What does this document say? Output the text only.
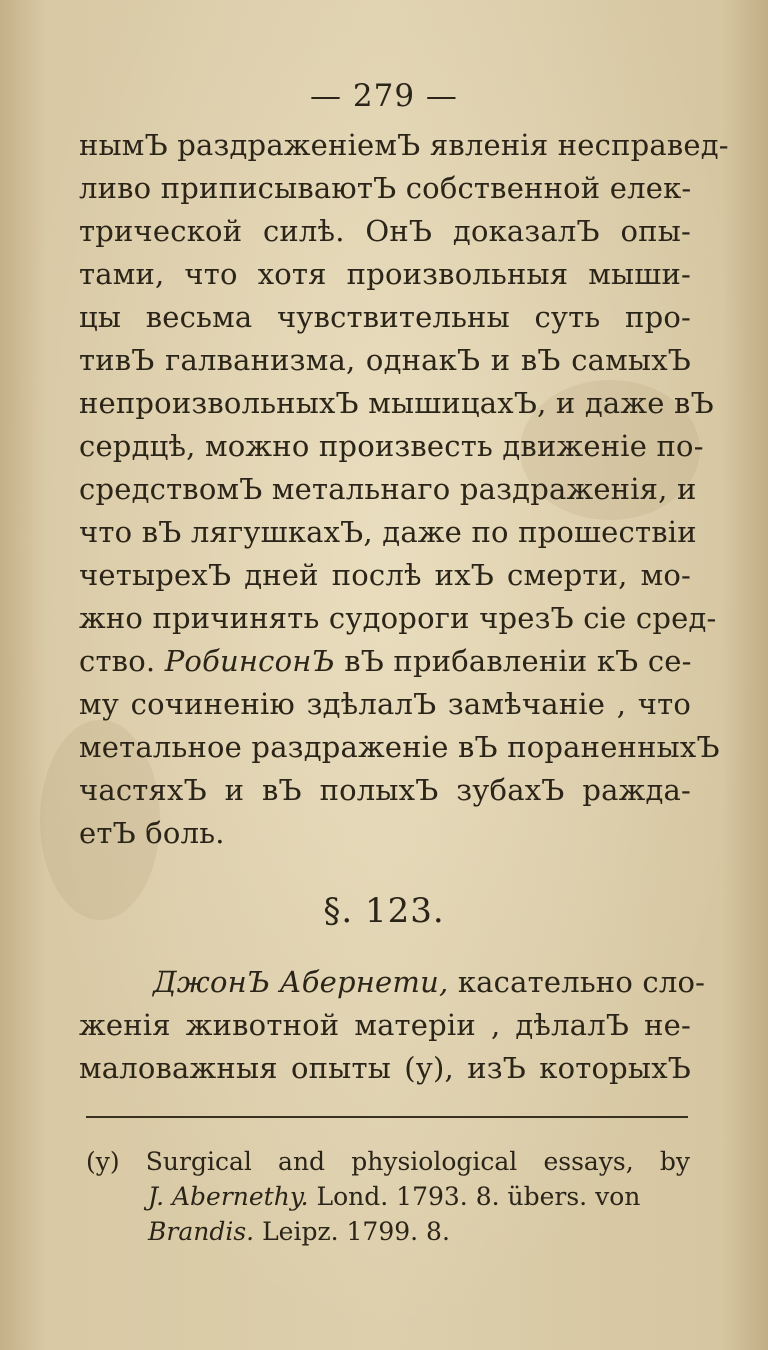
— 279 —
нымЪ раздраженiемЪ явленiя несправед-
ливо приписываютЪ собственной елек-
трической силѣ. ОнЪ доказалЪ опы-
тами, что хотя произвольныя мыши-
цы весьма чувствительны суть про-
тивЪ галванизма, однакЪ и вЪ самыхЪ
непроизвольныхЪ мышицахЪ, и даже вЪ
сердцѣ, можно произвесть движенiе по-
средствомЪ метальнаго раздраженiя, и
что вЪ лягушкахЪ, даже по прошествiи
четырехЪ дней послѣ ихЪ смерти, мо-
жно причинять судороги чрезЪ сiе сред-
ство. РобинсонЪ вЪ прибавленiи кЪ се-
му сочиненiю здѣлалЪ замѣчанiе , что
метальное раздраженiе вЪ пораненныхЪ
частяхЪ и вЪ полыхЪ зубахЪ ражда-
етЪ боль.
§. 123.
ДжонЪ Абернети, касательно сло-
женiя животной матерiи , дѣлалЪ не-
маловажныя опыты (у), изЪ которыхЪ
(y) Surgical and physiological essays, by
J. Abernethy. Lond. 1793. 8. übers. von
Brandis. Leipz. 1799. 8.
